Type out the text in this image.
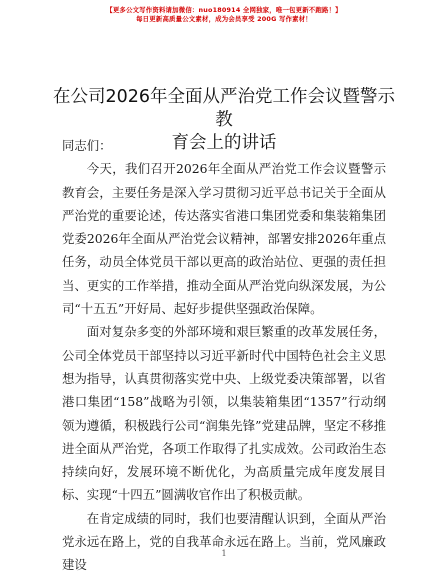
【更多公文写作资料请加微信：nuo180914 全网独家，唯一包更新不跑路！】
每日更新高质量公文素材，成为会员享受 200G 写作素材！
在公司2026年全面从严治党工作会议暨警示教
育会上的讲话

同志们：

今天，我们召开2026年全面从严治党工作会议暨警示教育会，主要任务是深入学习贯彻习近平总书记关于全面从严治党的重要论述，传达落实省港口集团党委和集装箱集团党委2026年全面从严治党会议精神，部署安排2026年重点任务，动员全体党员干部以更高的政治站位、更强的责任担当、更实的工作举措，推动全面从严治党向纵深发展，为公司“十五五”开好局、起好步提供坚强政治保障。

面对复杂多变的外部环境和艰巨繁重的改革发展任务，公司全体党员干部坚持以习近平新时代中国特色社会主义思想为指导，认真贯彻落实党中央、上级党委决策部署，以省港口集团“158”战略为引领，以集装箱集团“1357”行动纲领为遵循，积极践行公司“润集先锋”党建品牌，坚定不移推进全面从严治党，各项工作取得了扎实成效。公司政治生态持续向好，发展环境不断优化，为高质量完成年度发展目标、实现“十四五”圆满收官作出了积极贡献。

在肯定成绩的同时，我们也要清醒认识到，全面从严治党永远在路上，党的自我革命永远在路上。当前，党风廉政建设

1
